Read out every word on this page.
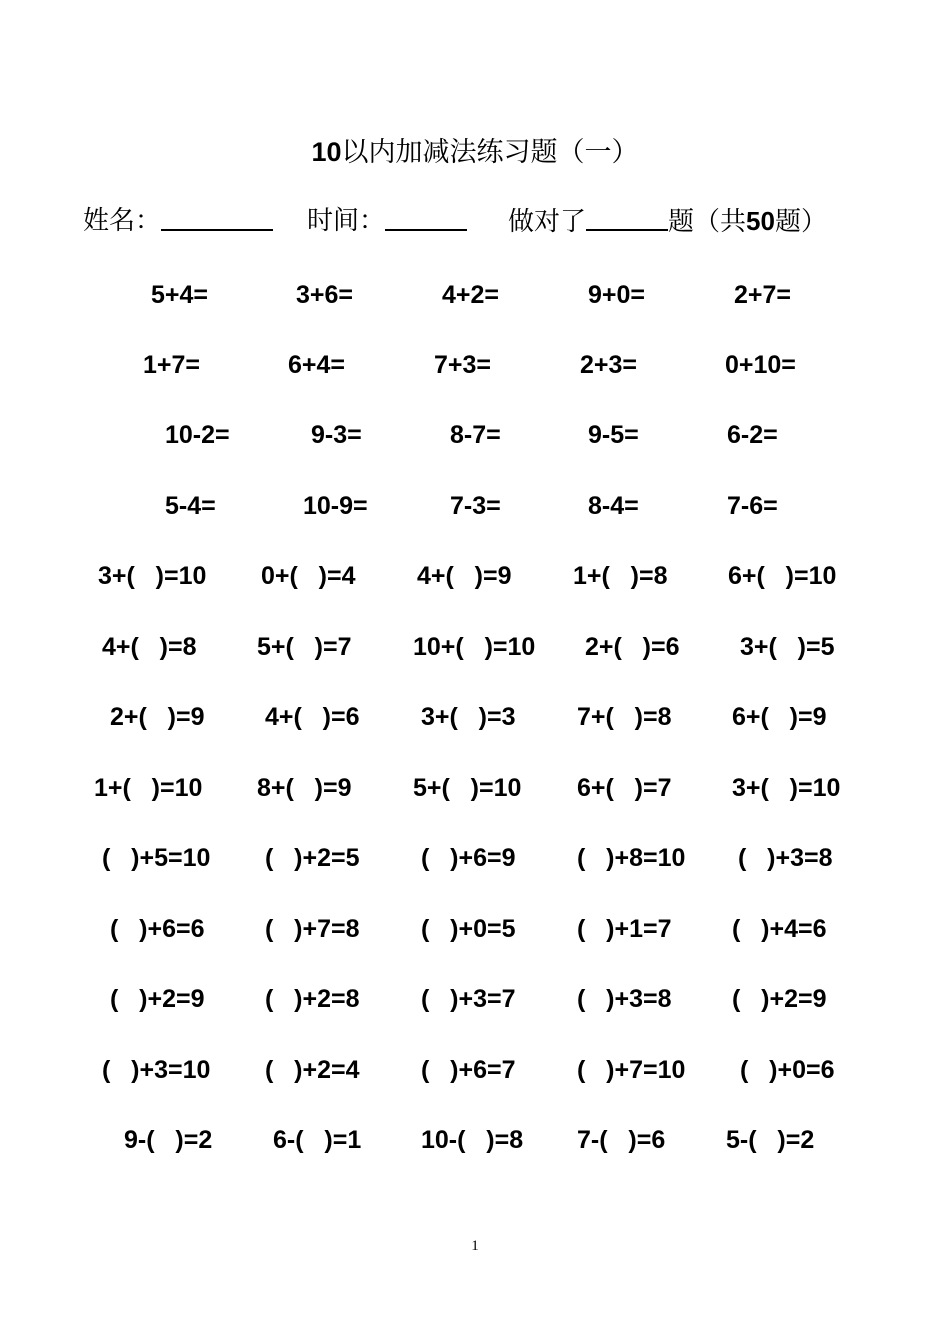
10以内加减法练习题（一）
姓名：	时间：	做对了	题（共50题）
5+4=	3+6=	4+2=	9+0=	2+7=
1+7=	6+4=	7+3=	2+3=	0+10=
10-2=	9-3=	8-7=	9-5=	6-2=
5-4=	10-9=	7-3=	8-4=	7-6=
3+(   )=10 0+(   )=4 4+(   )=9 1+(   )=8 6+(   )=10
4+(   )=8 5+(   )=7 10+(   )=10 2+(   )=6 3+(   )=5
2+(   )=9 4+(   )=6 3+(   )=3 7+(   )=8 6+(   )=9
1+(   )=10 8+(   )=9 5+(   )=10 6+(   )=7 3+(   )=10
(   )+5=10 (   )+2=5 (   )+6=9 (   )+8=10 (   )+3=8
(   )+6=6 (   )+7=8 (   )+0=5 (   )+1=7 (   )+4=6
(   )+2=9 (   )+2=8 (   )+3=7 (   )+3=8 (   )+2=9
(   )+3=10 (   )+2=4 (   )+6=7 (   )+7=10 (   )+0=6
9-(   )=2 6-(   )=1 10-(   )=8 7-(   )=6 5-(   )=2
1
